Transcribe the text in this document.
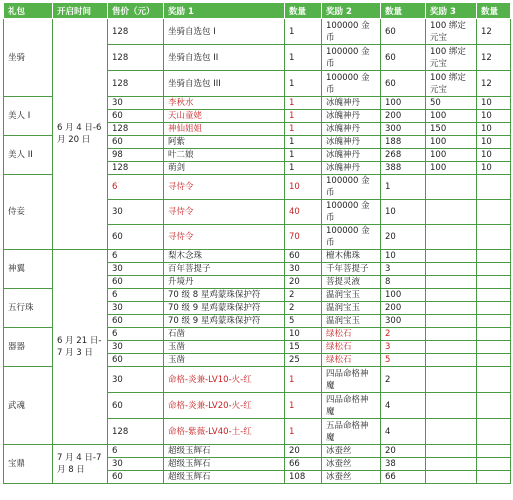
礼包	开启时间	售价（元）	奖励 1	数量	奖励 2	数量	奖励 3	数量
坐骑	6 月 4 日-6 月 20 日	128	坐骑自选包 I	1	100000 金币	60	100 绑定元宝	12
		128	坐骑自选包 II	1	100000 金币	60	100 绑定元宝	12
		128	坐骑自选包 III	1	100000 金币	60	100 绑定元宝	12
美人 I		30	李秋水	1	冰魄神丹	100	50	10
		60	天山童姥	1	冰魄神丹	200	100	10
		128	神仙姐姐	1	冰魄神丹	300	150	10
美人 II		60	阿紫	1	冰魄神丹	188	100	10
		98	叶二娘	1	冰魄神丹	268	100	10
		128	萌剑	1	冰魄神丹	388	100	10
侍妾		6	寻侍令	10	100000 金币	1		
		30	寻侍令	40	100000 金币	10		
		60	寻侍令	70	100000 金币	20		
神翼	6 月 21 日-7 月 3 日	6	梨木念珠	60	檀木佛珠	10		
		30	百年菩提子	30	千年菩提子	3		
		60	升境丹	20	菩提灵液	8		
五行珠		6	70 级 8 星鸡蒙珠保护符	2	温润宝玉	100		
		30	70 级 9 星鸡蒙珠保护符	2	温润宝玉	200		
		60	70 级 9 星鸡蒙珠保护符	5	温润宝玉	300		
器器		6	石凿	10	绿松石	2		
		30	玉凿	15	绿松石	3		
		60	玉凿	25	绿松石	5		
武魂		30	命格-炎兼-LV10-火-红	1	四品命格神魔	2		
		60	命格-炎兼-LV20-火-红	1	四品命格神魔	4		
		128	命格-紫薇-LV40-土-红	1	五品命格神魔	4		
宝鼎	7 月 4 日-7 月 8 日	6	超级玉辉石	20	冰蚕丝	20		
		30	超级玉辉石	66	冰蚕丝	38		
		60	超级玉辉石	108	冰蚕丝	66		
